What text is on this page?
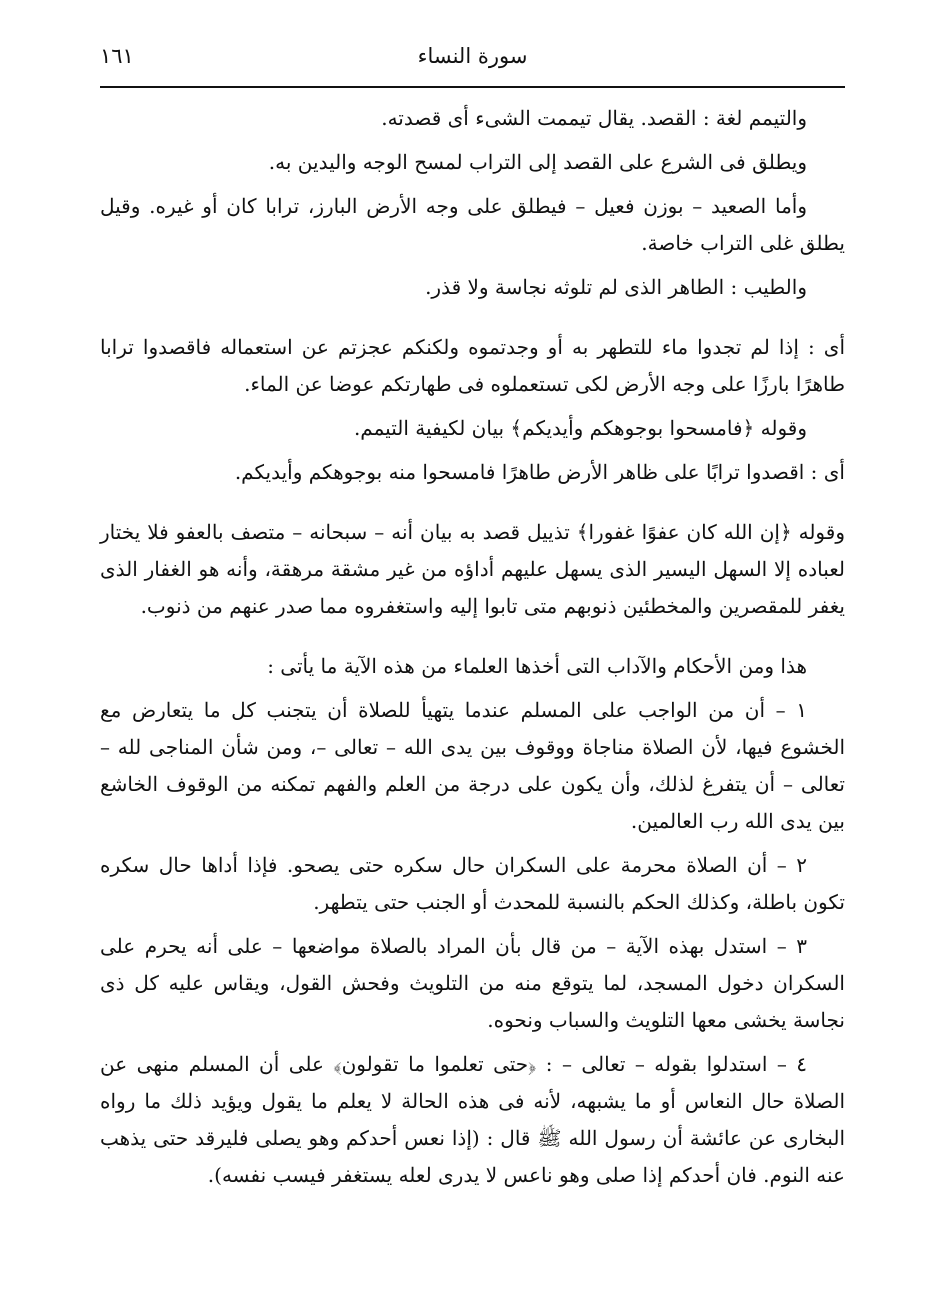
سورة النساء
١٦١

والتيمم لغة : القصد. يقال تيممت الشىء أى قصدته.

ويطلق فى الشرع على القصد إلى التراب لمسح الوجه واليدين به.

وأما الصعيد – بوزن فعيل – فيطلق على وجه الأرض البارز، ترابا كان أو غيره. وقيل يطلق غلى التراب خاصة.

والطيب : الطاهر الذى لم تلوثه نجاسة ولا قذر.

أى : إذا لم تجدوا ماء للتطهر به أو وجدتموه ولكنكم عجزتم عن استعماله فاقصدوا ترابا طاهرًا بارزًا على وجه الأرض لكى تستعملوه فى طهارتكم عوضا عن الماء.

وقوله ﴿فامسحوا بوجوهكم وأيديكم﴾ بيان لكيفية التيمم.

أى : اقصدوا ترابًا على ظاهر الأرض طاهرًا فامسحوا منه بوجوهكم وأيديكم.

وقوله ﴿إن الله كان عفوًا غفورا﴾ تذييل قصد به بيان أنه – سبحانه – متصف بالعفو فلا يختار لعباده إلا السهل اليسير الذى يسهل عليهم أداؤه من غير مشقة مرهقة، وأنه هو الغفار الذى يغفر للمقصرين والمخطئين ذنوبهم متى تابوا إليه واستغفروه مما صدر عنهم من ذنوب.

هذا ومن الأحكام والآداب التى أخذها العلماء من هذه الآية ما يأتى :

١ – أن من الواجب على المسلم عندما يتهيأ للصلاة أن يتجنب كل ما يتعارض مع الخشوع فيها، لأن الصلاة مناجاة ووقوف بين يدى الله – تعالى –، ومن شأن المناجى لله – تعالى – أن يتفرغ لذلك، وأن يكون على درجة من العلم والفهم تمكنه من الوقوف الخاشع بين يدى الله رب العالمين.

٢ – أن الصلاة محرمة على السكران حال سكره حتى يصحو. فإذا أداها حال سكره تكون باطلة، وكذلك الحكم بالنسبة للمحدث أو الجنب حتى يتطهر.

٣ – استدل بهذه الآية – من قال بأن المراد بالصلاة مواضعها – على أنه يحرم على السكران دخول المسجد، لما يتوقع منه من التلويث وفحش القول، ويقاس عليه كل ذى نجاسة يخشى معها التلويث والسباب ونحوه.

٤ – استدلوا بقوله – تعالى – : ﴿حتى تعلموا ما تقولون﴾ على أن المسلم منهى عن الصلاة حال النعاس أو ما يشبهه، لأنه فى هذه الحالة لا يعلم ما يقول ويؤيد ذلك ما رواه البخارى عن عائشة أن رسول الله ﷺ قال : (إذا نعس أحدكم وهو يصلى فليرقد حتى يذهب عنه النوم. فان أحدكم إذا صلى وهو ناعس لا يدرى لعله يستغفر فيسب نفسه).
